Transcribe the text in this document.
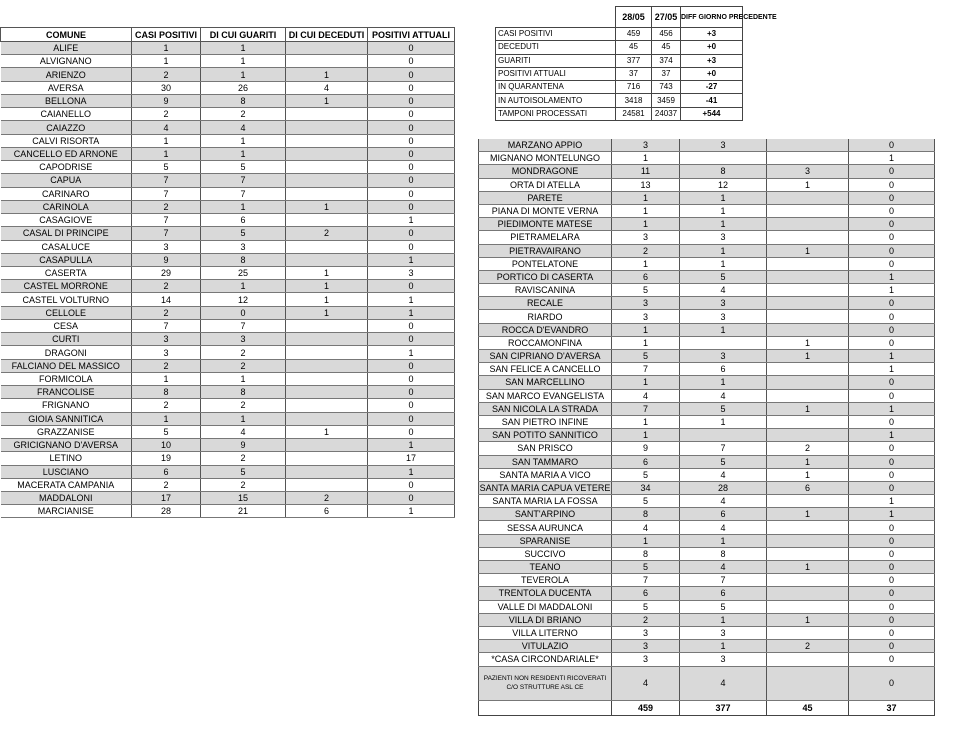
COMUNE	CASI POSITIVI	DI CUI GUARITI	DI CUI DECEDUTI	POSITIVI ATTUALI
ALIFE	1	1		0
ALVIGNANO	1	1		0
ARIENZO	2	1	1	0
AVERSA	30	26	4	0
BELLONA	9	8	1	0
CAIANELLO	2	2		0
CAIAZZO	4	4		0
CALVI RISORTA	1	1		0
CANCELLO ED ARNONE	1	1		0
CAPODRISE	5	5		0
CAPUA	7	7		0
CARINARO	7	7		0
CARINOLA	2	1	1	0
CASAGIOVE	7	6		1
CASAL DI PRINCIPE	7	5	2	0
CASALUCE	3	3		0
CASAPULLA	9	8		1
CASERTA	29	25	1	3
CASTEL MORRONE	2	1	1	0
CASTEL VOLTURNO	14	12	1	1
CELLOLE	2	0	1	1
CESA	7	7		0
CURTI	3	3		0
DRAGONI	3	2		1
FALCIANO DEL MASSICO	2	2		0
FORMICOLA	1	1		0
FRANCOLISE	8	8		0
FRIGNANO	2	2		0
GIOIA SANNITICA	1	1		0
GRAZZANISE	5	4	1	0
GRICIGNANO D'AVERSA	10	9		1
LETINO	19	2		17
LUSCIANO	6	5		1
MACERATA CAMPANIA	2	2		0
MADDALONI	17	15	2	0
MARCIANISE	28	21	6	1
	28/05	27/05	DIFF GIORNO PRECEDENTE
CASI POSITIVI	459	456	+3
DECEDUTI	45	45	+0
GUARITI	377	374	+3
POSITIVI ATTUALI	37	37	+0
IN QUARANTENA	716	743	-27
IN AUTOISOLAMENTO	3418	3459	-41
TAMPONI PROCESSATI	24581	24037	+544
MARZANO APPIO	3	3		0
MIGNANO MONTELUNGO	1			1
MONDRAGONE	11	8	3	0
ORTA DI ATELLA	13	12	1	0
PARETE	1	1		0
PIANA DI MONTE VERNA	1	1		0
PIEDIMONTE MATESE	1	1		0
PIETRAMELARA	3	3		0
PIETRAVAIRANO	2	1	1	0
PONTELATONE	1	1		0
PORTICO DI CASERTA	6	5		1
RAVISCANINA	5	4		1
RECALE	3	3		0
RIARDO	3	3		0
ROCCA D'EVANDRO	1	1		0
ROCCAMONFINA	1		1	0
SAN CIPRIANO D'AVERSA	5	3	1	1
SAN FELICE A CANCELLO	7	6		1
SAN MARCELLINO	1	1		0
SAN MARCO EVANGELISTA	4	4		0
SAN NICOLA LA STRADA	7	5	1	1
SAN PIETRO INFINE	1	1		0
SAN POTITO SANNITICO	1			1
SAN PRISCO	9	7	2	0
SAN TAMMARO	6	5	1	0
SANTA MARIA A VICO	5	4	1	0
SANTA MARIA CAPUA VETERE	34	28	6	0
SANTA MARIA LA FOSSA	5	4		1
SANT'ARPINO	8	6	1	1
SESSA AURUNCA	4	4		0
SPARANISE	1	1		0
SUCCIVO	8	8		0
TEANO	5	4	1	0
TEVEROLA	7	7		0
TRENTOLA DUCENTA	6	6		0
VALLE DI MADDALONI	5	5		0
VILLA DI BRIANO	2	1	1	0
VILLA LITERNO	3	3		0
VITULAZIO	3	1	2	0
*CASA CIRCONDARIALE*	3	3		0
PAZIENTI NON RESIDENTI RICOVERATI C/O STRUTTURE ASL CE	4	4		0
	459	377	45	37
